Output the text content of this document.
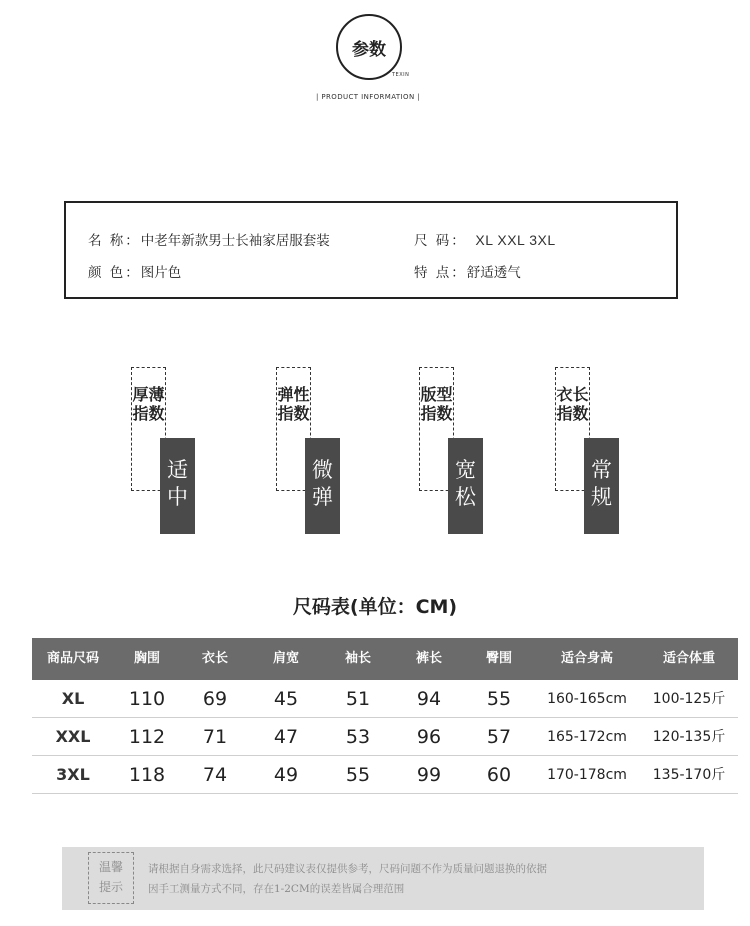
参数
TEXIN
| PRODUCT INFORMATION |
名 称：中老年新款男士长袖家居服套装
颜 色：图片色
尺 码： XL XXL 3XL
特 点：舒适透气
厚薄指数
适中
弹性指数
微弹
版型指数
宽松
衣长指数
常规
尺码表(单位：CM)
商品尺码	胸围	衣长	肩宽	袖长	裤长	臀围	适合身高	适合体重
XL	110	69	45	51	94	55	160-165cm	100-125斤
XXL	112	71	47	53	96	57	165-172cm	120-135斤
3XL	118	74	49	55	99	60	170-178cm	135-170斤
温馨
提示
请根据自身需求选择，此尺码建议表仅提供参考，尺码问题不作为质量问题退换的依据
因手工测量方式不同，存在1-2CM的误差皆属合理范围
